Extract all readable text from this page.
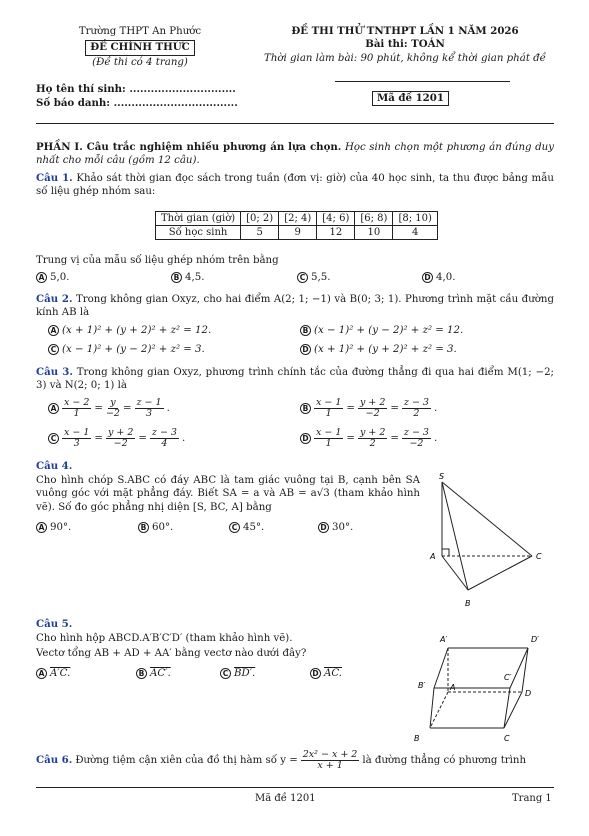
Trường THPT An Phước
ĐỀ CHÍNH THỨC
(Đề thi có 4 trang)
ĐỀ THI THỬ TNTHPT LẦN 1 NĂM 2026
Bài thi: TOÁN
Thời gian làm bài: 90 phút, không kể thời gian phát đề
Họ tên thí sinh: ..............................
Số báo danh: ...................................	Mã đề 1201
PHẦN I. Câu trắc nghiệm nhiều phương án lựa chọn. Học sinh chọn một phương án đúng duy nhất cho mỗi câu (gồm 12 câu).
Câu 1. Khảo sát thời gian đọc sách trong tuần (đơn vị: giờ) của 40 học sinh, ta thu được bảng mẫu số liệu ghép nhóm sau:
Thời gian (giờ)	[0; 2)	[2; 4)	[4; 6)	[6; 8)	[8; 10)
Số học sinh	5	9	12	10	4
Trung vị của mẫu số liệu ghép nhóm trên bằng
A 5,0.	B 4,5.	C 5,5.	D 4,0.
Câu 2. Trong không gian Oxyz, cho hai điểm A(2; 1; −1) và B(0; 3; 1). Phương trình mặt cầu đường kính AB là
A (x + 1)² + (y + 2)² + z² = 12.	B (x − 1)² + (y − 2)² + z² = 12.
C (x − 1)² + (y − 2)² + z² = 3.	D (x + 1)² + (y + 2)² + z² = 3.
Câu 3. Trong không gian Oxyz, phương trình chính tắc của đường thẳng đi qua hai điểm M(1; −2; 3) và N(2; 0; 1) là
A $\frac{x - 2}{1} = \frac{y}{-2} = \frac{z - 1}{3}$ .	B $\frac{x - 1}{1} = \frac{y + 2}{-2} = \frac{z - 3}{2}$ .
C $\frac{x - 1}{3} = \frac{y + 2}{-2} = \frac{z - 3}{4}$ .	D $\frac{x - 1}{1} = \frac{y + 2}{2} = \frac{z - 3}{-2}$ .
Câu 4.
Cho hình chóp S.ABC có đáy ABC là tam giác vuông tại B, cạnh bên SA vuông góc với mặt phẳng đáy. Biết SA = a và AB = a√3 (tham khảo hình vẽ). Số đo góc phẳng nhị diện [S, BC, A] bằng
A 90°.	B 60°.	C 45°.	D 30°.
S
A
B
C
Câu 5.
Cho hình hộp ABCD.A′B′C′D′ (tham khảo hình vẽ).
Vectơ tổng AB + AD + AA′ bằng vectơ nào dưới đây?
A A′C.	B AC′.	C BD′.	D AC.
A′	D′
B′
C′
A
D
B	C
Câu 6. Đường tiệm cận xiên của đồ thị hàm số $y = \frac{\text{2x² − x + 2}}{x + 1}$ là đường thẳng có phương trình
Mã đề 1201	Trang 1
